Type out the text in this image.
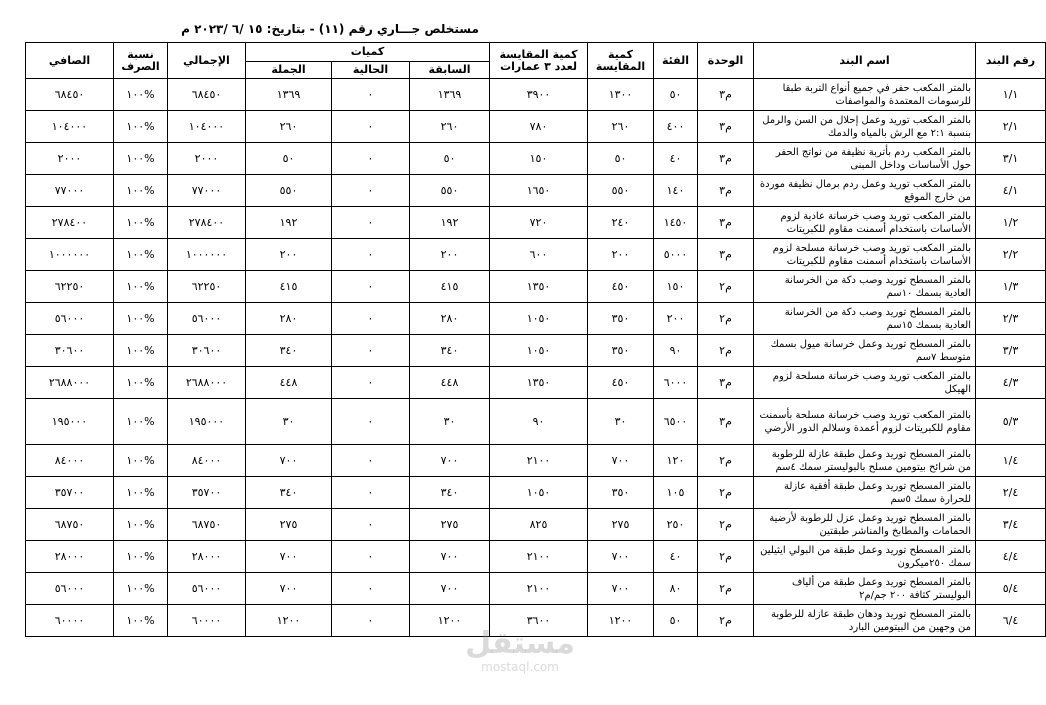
مستخلص جـــاري رقم (١١) - بتاريخ: ١٥ /٦ /٢٠٢٣ م
رقم البند	اسم البند	الوحدة	الفئة	كمية المقايسة	كمية المقايسة لعدد ٣ عمارات	كميات			الإجمالي	نسبة الصرف	الصافي
						السابقة	الحالية	الجملة			
١/١	بالمتر المكعب حفر في جميع أنواع التربة طبقا للرسومات المعتمدة والمواصفات	م٣	٥٠	١٣٠٠	٣٩٠٠	١٣٦٩	٠	١٣٦٩	٦٨٤٥٠	%١٠٠	٦٨٤٥٠
٢/١	بالمتر المكعب توريد وعمل إحلال من السن والرمل بنسبة ٢:١ مع الرش بالمياه والدمك	م٣	٤٠٠	٢٦٠	٧٨٠	٢٦٠	٠	٢٦٠	١٠٤٠٠٠	%١٠٠	١٠٤٠٠٠
٣/١	بالمتر المكعب ردم بأتربة نظيفة من نواتج الحفر حول الأساسات وداخل المبنى	م٣	٤٠	٥٠	١٥٠	٥٠	٠	٥٠	٢٠٠٠	%١٠٠	٢٠٠٠
٤/١	بالمتر المكعب توريد وعمل ردم برمال نظيفة موردة من خارج الموقع	م٣	١٤٠	٥٥٠	١٦٥٠	٥٥٠	٠	٥٥٠	٧٧٠٠٠	%١٠٠	٧٧٠٠٠
١/٢	بالمتر المكعب توريد وصب خرسانة عادية لزوم الأساسات باستخدام أسمنت مقاوم للكبريتات	م٣	١٤٥٠	٢٤٠	٧٢٠	١٩٢	٠	١٩٢	٢٧٨٤٠٠	%١٠٠	٢٧٨٤٠٠
٢/٢	بالمتر المكعب توريد وصب خرسانة مسلحة لزوم الأساسات باستخدام أسمنت مقاوم للكبريتات	م٣	٥٠٠٠	٢٠٠	٦٠٠	٢٠٠	٠	٢٠٠	١٠٠٠٠٠٠	%١٠٠	١٠٠٠٠٠٠
١/٣	بالمتر المسطح توريد وصب دكة من الخرسانة العادية بسمك ١٠سم	م٢	١٥٠	٤٥٠	١٣٥٠	٤١٥	٠	٤١٥	٦٢٢٥٠	%١٠٠	٦٢٢٥٠
٢/٣	بالمتر المسطح توريد وصب دكة من الخرسانة العادية بسمك ١٥سم	م٢	٢٠٠	٣٥٠	١٠٥٠	٢٨٠	٠	٢٨٠	٥٦٠٠٠	%١٠٠	٥٦٠٠٠
٣/٣	بالمتر المسطح توريد وعمل خرسانة ميول بسمك متوسط ٧سم	م٢	٩٠	٣٥٠	١٠٥٠	٣٤٠	٠	٣٤٠	٣٠٦٠٠	%١٠٠	٣٠٦٠٠
٤/٣	بالمتر المكعب توريد وصب خرسانة مسلحة لزوم الهيكل	م٣	٦٠٠٠	٤٥٠	١٣٥٠	٤٤٨	٠	٤٤٨	٢٦٨٨٠٠٠	%١٠٠	٢٦٨٨٠٠٠
٥/٣	بالمتر المكعب توريد وصب خرسانة مسلحة بأسمنت مقاوم للكبريتات لزوم أعمدة وسلالم الدور الأرضي	م٣	٦٥٠٠	٣٠	٩٠	٣٠	٠	٣٠	١٩٥٠٠٠	%١٠٠	١٩٥٠٠٠
١/٤	بالمتر المسطح توريد وعمل طبقة عازلة للرطوبة من شرائح بيتومين مسلح بالبوليستر سمك ٤سم	م٢	١٢٠	٧٠٠	٢١٠٠	٧٠٠	٠	٧٠٠	٨٤٠٠٠	%١٠٠	٨٤٠٠٠
٢/٤	بالمتر المسطح توريد وعمل طبقة أفقية عازلة للحرارة سمك ٥سم	م٢	١٠٥	٣٥٠	١٠٥٠	٣٤٠	٠	٣٤٠	٣٥٧٠٠	%١٠٠	٣٥٧٠٠
٣/٤	بالمتر المسطح توريد وعمل عزل للرطوبة لأرضية الحمامات والمطابخ والمناشر طبقتين	م٢	٢٥٠	٢٧٥	٨٢٥	٢٧٥	٠	٢٧٥	٦٨٧٥٠	%١٠٠	٦٨٧٥٠
٤/٤	بالمتر المسطح توريد وعمل طبقة من البولي ايثيلين سمك ٢٥٠ميكرون	م٢	٤٠	٧٠٠	٢١٠٠	٧٠٠	٠	٧٠٠	٢٨٠٠٠	%١٠٠	٢٨٠٠٠
٥/٤	بالمتر المسطح توريد وعمل طبقة من ألياف البوليستر كثافة ٢٠٠ جم/م٢	م٢	٨٠	٧٠٠	٢١٠٠	٧٠٠	٠	٧٠٠	٥٦٠٠٠	%١٠٠	٥٦٠٠٠
٦/٤	بالمتر المسطح توريد ودهان طبقة عازلة للرطوبة من وجهين من البيتومين البارد	م٢	٥٠	١٢٠٠	٣٦٠٠	١٢٠٠	٠	١٢٠٠	٦٠٠٠٠	%١٠٠	٦٠٠٠٠
مستقل
mostaql.com
